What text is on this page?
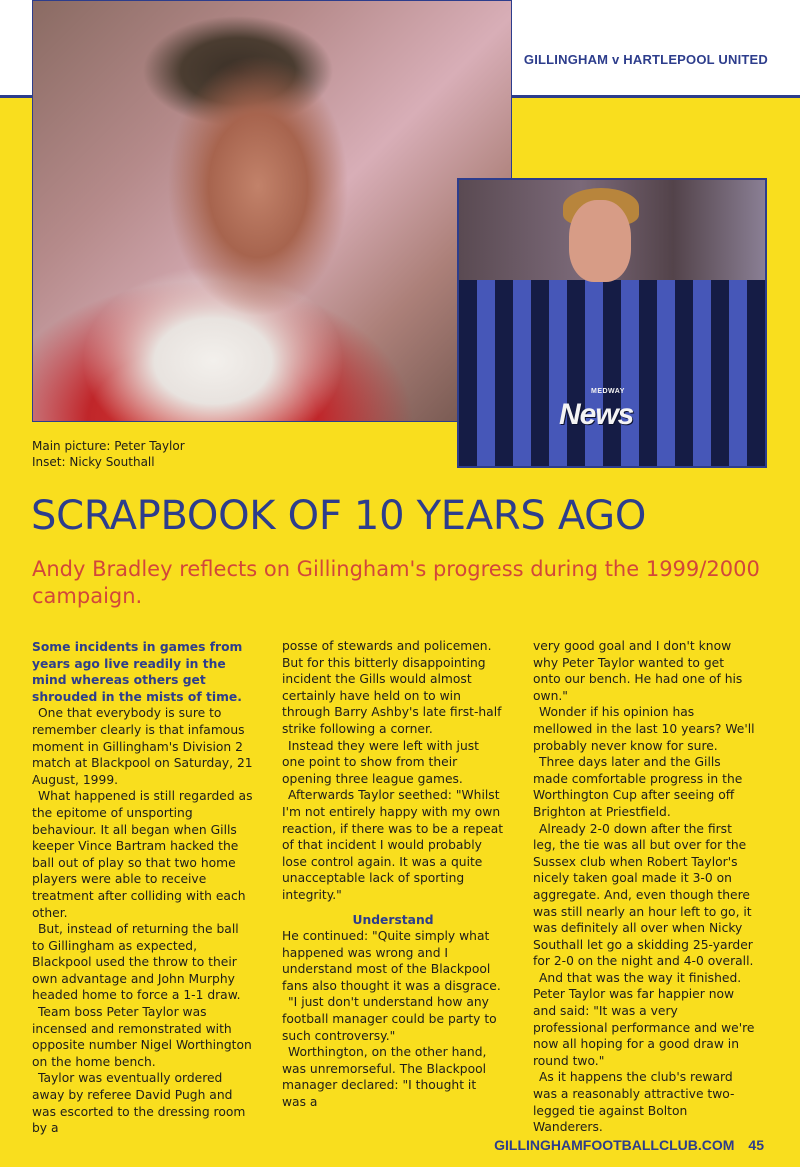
GILLINGHAM v HARTLEPOOL UNITED
MEDWAY
News
Main picture: Peter Taylor
Inset: Nicky Southall
SCRAPBOOK OF 10 YEARS AGO
Andy Bradley reflects on Gillingham's progress during the 1999/2000 campaign.

Some incidents in games from years ago live readily in the mind whereas others get shrouded in the mists of time.

One that everybody is sure to remember clearly is that infamous moment in Gillingham's Division 2 match at Blackpool on Saturday, 21 August, 1999.

What happened is still regarded as the epitome of unsporting behaviour. It all began when Gills keeper Vince Bartram hacked the ball out of play so that two home players were able to receive treatment after colliding with each other.

But, instead of returning the ball to Gillingham as expected, Blackpool used the throw to their own advantage and John Murphy headed home to force a 1-1 draw.

Team boss Peter Taylor was incensed and remonstrated with opposite number Nigel Worthington on the home bench.

Taylor was eventually ordered away by referee David Pugh and was escorted to the dressing room by a

posse of stewards and policemen. But for this bitterly disappointing incident the Gills would almost certainly have held on to win through Barry Ashby's late first-half strike following a corner.

Instead they were left with just one point to show from their opening three league games.

Afterwards Taylor seethed: "Whilst I'm not entirely happy with my own reaction, if there was to be a repeat of that incident I would probably lose control again. It was a quite unacceptable lack of sporting integrity."

Understand

He continued: "Quite simply what happened was wrong and I understand most of the Blackpool fans also thought it was a disgrace.

"I just don't understand how any football manager could be party to such controversy."

Worthington, on the other hand, was unremorseful. The Blackpool manager declared: "I thought it was a

very good goal and I don't know why Peter Taylor wanted to get onto our bench. He had one of his own."

Wonder if his opinion has mellowed in the last 10 years? We'll probably never know for sure.

Three days later and the Gills made comfortable progress in the Worthington Cup after seeing off Brighton at Priestfield.

Already 2-0 down after the first leg, the tie was all but over for the Sussex club when Robert Taylor's nicely taken goal made it 3-0 on aggregate. And, even though there was still nearly an hour left to go, it was definitely all over when Nicky Southall let go a skidding 25-yarder for 2-0 on the night and 4-0 overall.

And that was the way it finished. Peter Taylor was far happier now and said: "It was a very professional performance and we're now all hoping for a good draw in round two."

As it happens the club's reward was a reasonably attractive two-legged tie against Bolton Wanderers.

GILLINGHAMFOOTBALLCLUB.COM 45
